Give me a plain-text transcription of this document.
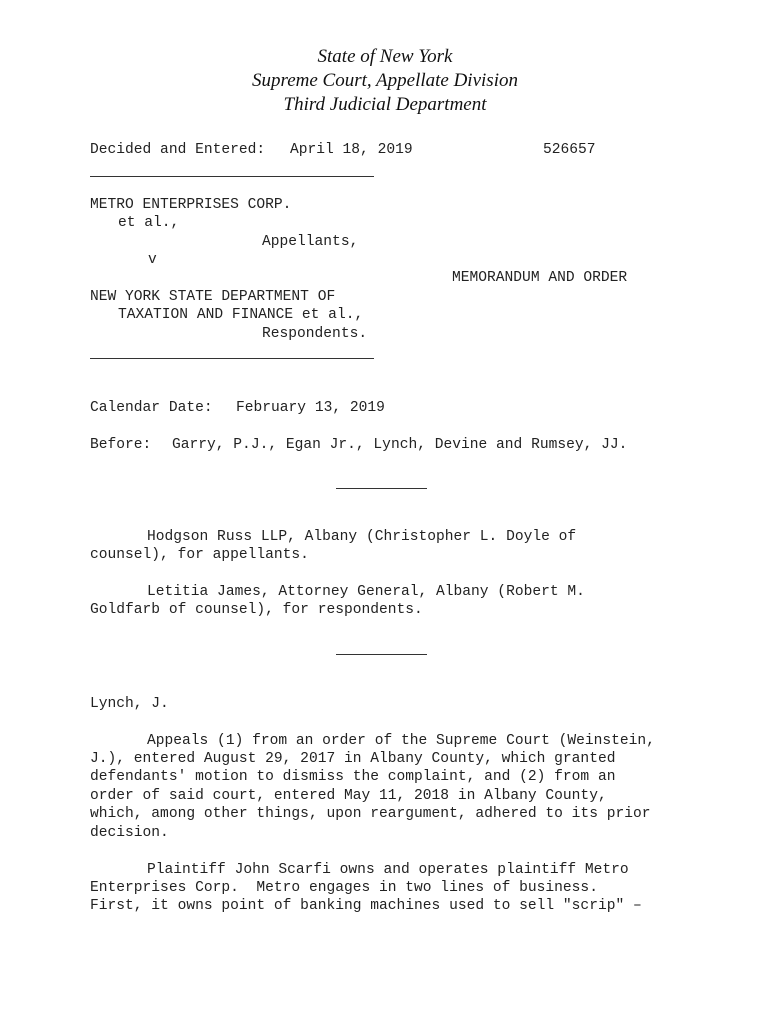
State of New York
Supreme Court, Appellate Division
Third Judicial Department
Decided and Entered: April 18, 2019	526657
METRO ENTERPRISES CORP.
et al.,
Appellants,
v
MEMORANDUM AND ORDER
NEW YORK STATE DEPARTMENT OF
TAXATION AND FINANCE et al.,
Respondents.
Calendar Date: February 13, 2019
Before: Garry, P.J., Egan Jr., Lynch, Devine and Rumsey, JJ.
Hodgson Russ LLP, Albany (Christopher L. Doyle of
counsel), for appellants.
Letitia James, Attorney General, Albany (Robert M.
Goldfarb of counsel), for respondents.
Lynch, J.
Appeals (1) from an order of the Supreme Court (Weinstein,
J.), entered August 29, 2017 in Albany County, which granted
defendants' motion to dismiss the complaint, and (2) from an
order of said court, entered May 11, 2018 in Albany County,
which, among other things, upon reargument, adhered to its prior
decision.
Plaintiff John Scarfi owns and operates plaintiff Metro
Enterprises Corp.  Metro engages in two lines of business.
First, it owns point of banking machines used to sell "scrip" –
